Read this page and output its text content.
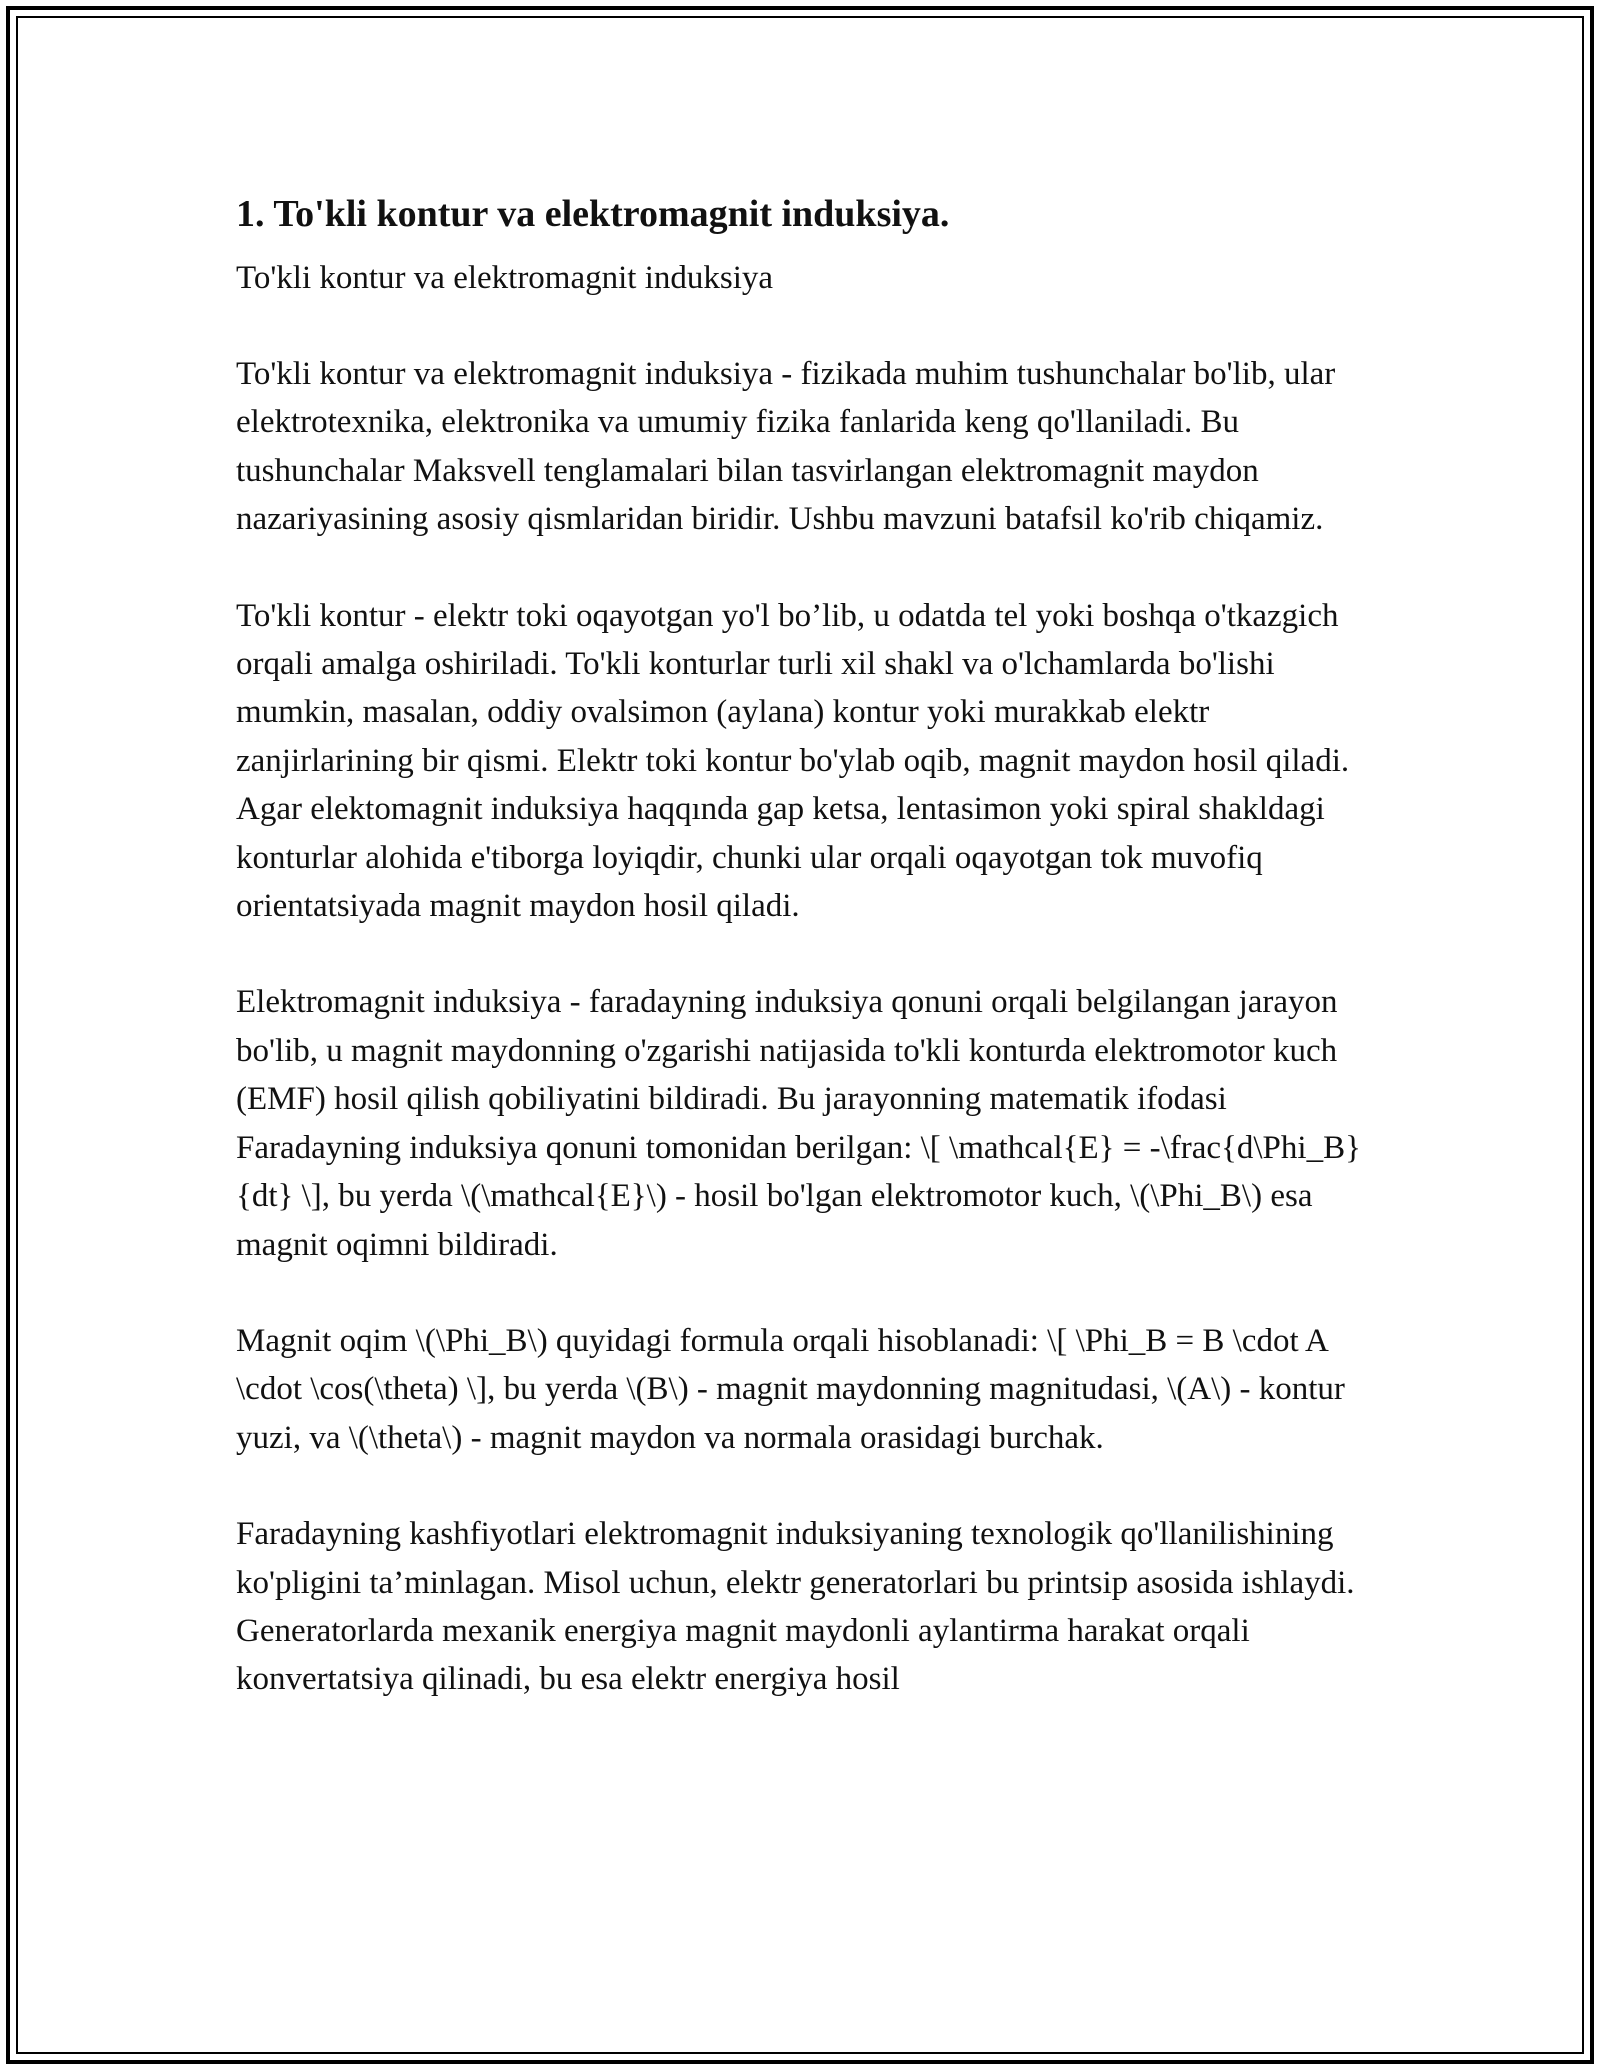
1. To'kli kontur va elektromagnit induksiya.

To'kli kontur va elektromagnit induksiya

To'kli kontur va elektromagnit induksiya - fizikada muhim tushunchalar bo'lib, ular elektrotexnika, elektronika va umumiy fizika fanlarida keng qo'llaniladi. Bu tushunchalar Maksvell tenglamalari bilan tasvirlangan elektromagnit maydon nazariyasining asosiy qismlaridan biridir. Ushbu mavzuni batafsil ko'rib chiqamiz.

To'kli kontur - elektr toki oqayotgan yo'l bo’lib, u odatda tel yoki boshqa o'tkazgich orqali amalga oshiriladi. To'kli konturlar turli xil shakl va o'lchamlarda bo'lishi mumkin, masalan, oddiy ovalsimon (aylana) kontur yoki murakkab elektr zanjirlarining bir qismi. Elektr toki kontur bo'ylab oqib, magnit maydon hosil qiladi. Agar elektomagnit induksiya haqqında gap ketsa, lentasimon yoki spiral shakldagi konturlar alohida e'tiborga loyiqdir, chunki ular orqali oqayotgan tok muvofiq orientatsiyada magnit maydon hosil qiladi.

Elektromagnit induksiya - faradayning induksiya qonuni orqali belgilangan jarayon bo'lib, u magnit maydonning o'zgarishi natijasida to'kli konturda elektromotor kuch (EMF) hosil qilish qobiliyatini bildiradi. Bu jarayonning matematik ifodasi Faradayning induksiya qonuni tomonidan berilgan: \[ \mathcal{E} = -\frac{d\Phi_B}{dt} \], bu yerda \(\mathcal{E}\) - hosil bo'lgan elektromotor kuch, \(\Phi_B\) esa magnit oqimni bildiradi.

Magnit oqim \(\Phi_B\) quyidagi formula orqali hisoblanadi: \[ \Phi_B = B \cdot A \cdot \cos(\theta) \], bu yerda \(B\) - magnit maydonning magnitudasi, \(A\) - kontur yuzi, va \(\theta\) - magnit maydon va normala orasidagi burchak.

Faradayning kashfiyotlari elektromagnit induksiyaning texnologik qo'llanilishining ko'pligini ta’minlagan. Misol uchun, elektr generatorlari bu printsip asosida ishlaydi. Generatorlarda mexanik energiya magnit maydonli aylantirma harakat orqali konvertatsiya qilinadi, bu esa elektr energiya hosil
